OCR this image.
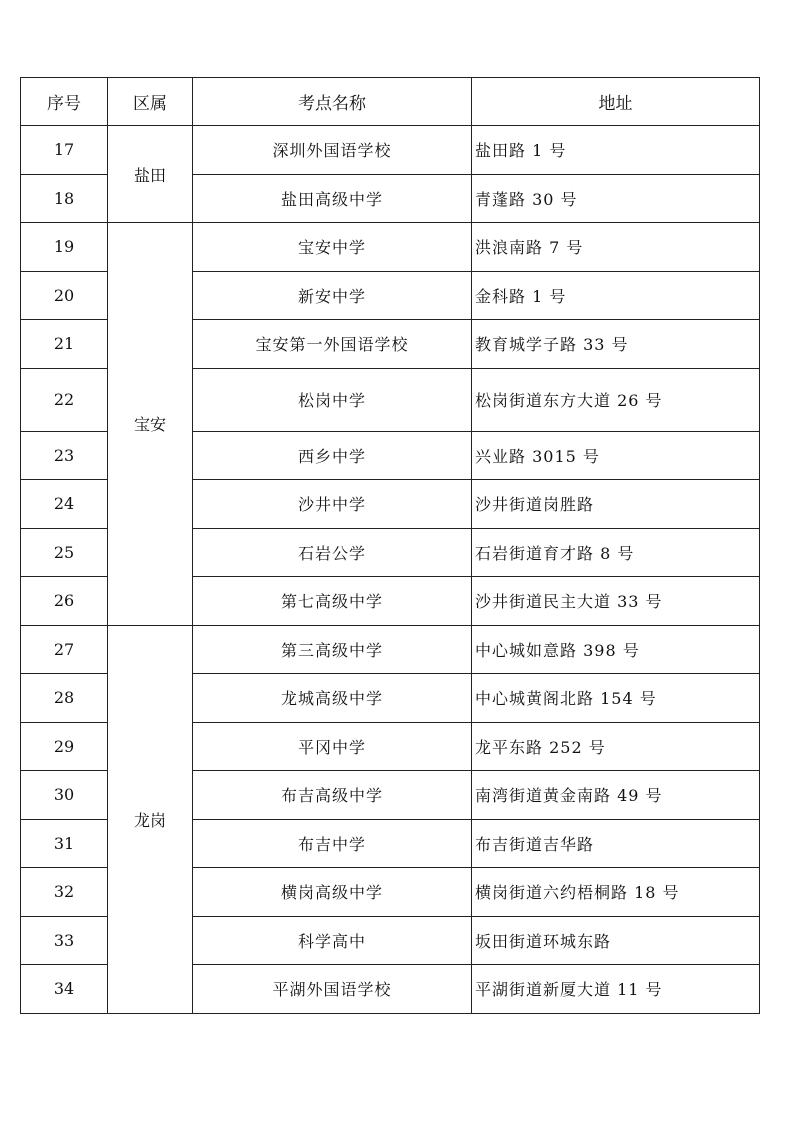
序号	区属	考点名称	地址
17	盐田	深圳外国语学校	盐田路 1 号
18		盐田高级中学	青蓬路 30 号
19	宝安	宝安中学	洪浪南路 7 号
20		新安中学	金科路 1 号
21		宝安第一外国语学校	教育城学子路 33 号
22		松岗中学	松岗街道东方大道 26 号
23		西乡中学	兴业路 3015 号
24		沙井中学	沙井街道岗胜路
25		石岩公学	石岩街道育才路 8 号
26		第七高级中学	沙井街道民主大道 33 号
27	龙岗	第三高级中学	中心城如意路 398 号
28		龙城高级中学	中心城黄阁北路 154 号
29		平冈中学	龙平东路 252 号
30		布吉高级中学	南湾街道黄金南路 49 号
31		布吉中学	布吉街道吉华路
32		横岗高级中学	横岗街道六约梧桐路 18 号
33		科学高中	坂田街道环城东路
34		平湖外国语学校	平湖街道新厦大道 11 号
